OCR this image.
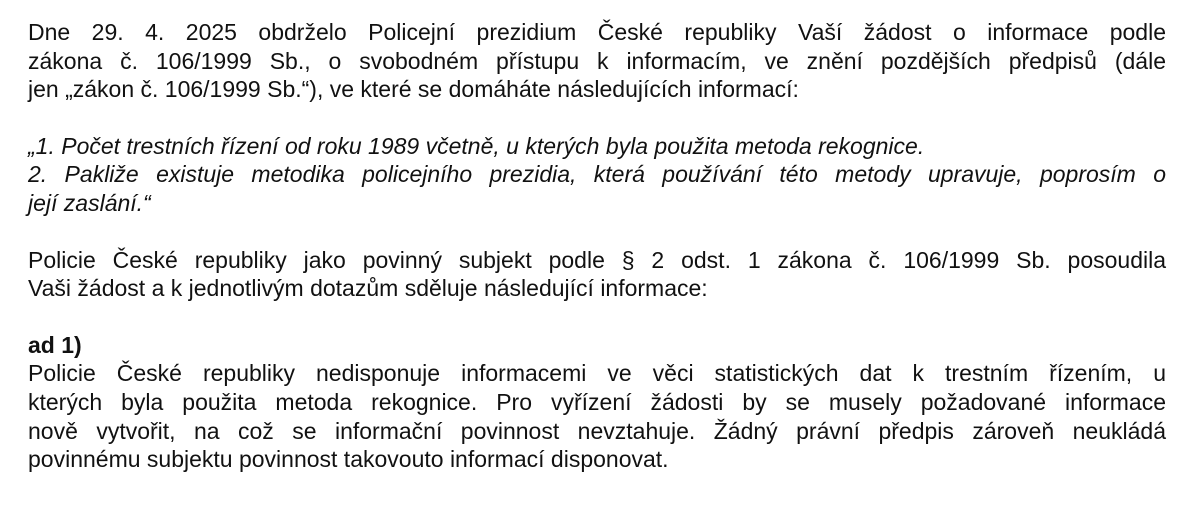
Dne 29. 4. 2025 obdrželo Policejní prezidium České republiky Vaší žádost o informace podle
zákona č. 106/1999 Sb., o svobodném přístupu k informacím, ve znění pozdějších předpisů (dále
jen „zákon č. 106/1999 Sb.“), ve které se domáháte následujících informací:

„1. Počet trestních řízení od roku 1989 včetně, u kterých byla použita metoda rekognice.
2. Pakliže existuje metodika policejního prezidia, která používání této metody upravuje, poprosím o
její zaslání.“

Policie České republiky jako povinný subjekt podle § 2 odst. 1 zákona č. 106/1999 Sb. posoudila
Vaši žádost a k jednotlivým dotazům sděluje následující informace:

ad 1)

Policie České republiky nedisponuje informacemi ve věci statistických dat k trestním řízením, u
kterých byla použita metoda rekognice. Pro vyřízení žádosti by se musely požadované informace
nově vytvořit, na což se informační povinnost nevztahuje. Žádný právní předpis zároveň neukládá
povinnému subjektu povinnost takovouto informací disponovat.
